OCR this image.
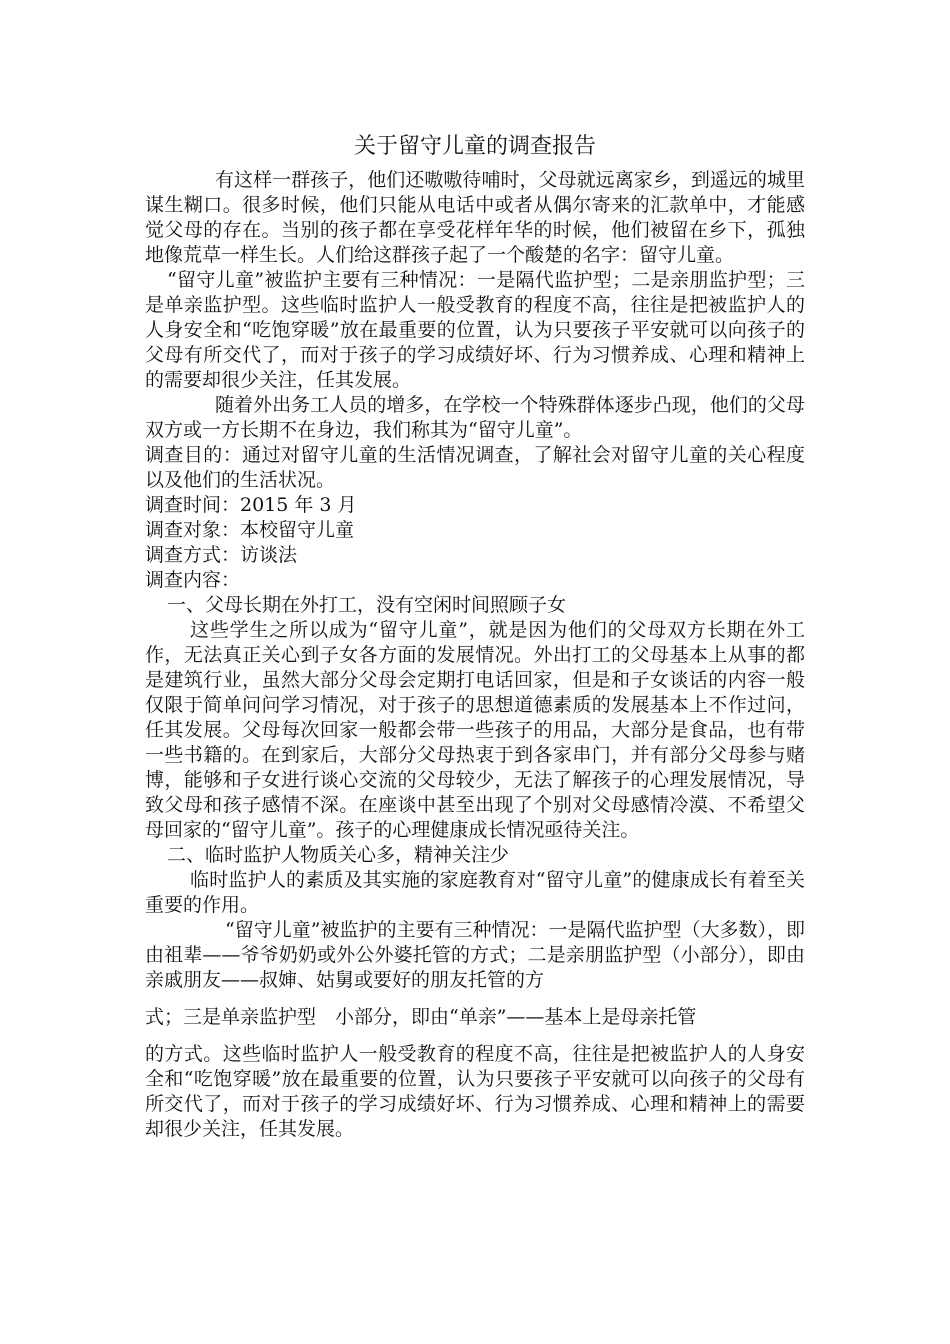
关于留守儿童的调查报告

有这样一群孩子，他们还嗷嗷待哺时，父母就远离家乡，到遥远的城里谋生糊口。很多时候，他们只能从电话中或者从偶尔寄来的汇款单中，才能感觉父母的存在。当别的孩子都在享受花样年华的时候，他们被留在乡下，孤独地像荒草一样生长。人们给这群孩子起了一个酸楚的名字：留守儿童。

“留守儿童”被监护主要有三种情况：一是隔代监护型；二是亲朋监护型；三是单亲监护型。这些临时监护人一般受教育的程度不高，往往是把被监护人的人身安全和“吃饱穿暖”放在最重要的位置，认为只要孩子平安就可以向孩子的父母有所交代了，而对于孩子的学习成绩好坏、行为习惯养成、心理和精神上的需要却很少关注，任其发展。

随着外出务工人员的增多，在学校一个特殊群体逐步凸现，他们的父母双方或一方长期不在身边，我们称其为“留守儿童”。

调查目的：通过对留守儿童的生活情况调查，了解社会对留守儿童的关心程度以及他们的生活状况。

调查时间：2015 年 3 月

调查对象：本校留守儿童

调查方式：访谈法

调查内容：

一、父母长期在外打工，没有空闲时间照顾子女

这些学生之所以成为“留守儿童”，就是因为他们的父母双方长期在外工作，无法真正关心到子女各方面的发展情况。外出打工的父母基本上从事的都是建筑行业，虽然大部分父母会定期打电话回家，但是和子女谈话的内容一般仅限于简单问问学习情况，对于孩子的思想道德素质的发展基本上不作过问，任其发展。父母每次回家一般都会带一些孩子的用品，大部分是食品，也有带一些书籍的。在到家后，大部分父母热衷于到各家串门，并有部分父母参与赌博，能够和子女进行谈心交流的父母较少，无法了解孩子的心理发展情况，导致父母和孩子感情不深。在座谈中甚至出现了个别对父母感情冷漠、不希望父母回家的“留守儿童”。孩子的心理健康成长情况亟待关注。

二、临时监护人物质关心多，精神关注少

临时监护人的素质及其实施的家庭教育对“留守儿童”的健康成长有着至关重要的作用。

“留守儿童”被监护的主要有三种情况：一是隔代监护型（大多数），即由祖辈——爷爷奶奶或外公外婆托管的方式；二是亲朋监护型（小部分），即由亲戚朋友——叔婶、姑舅或要好的朋友托管的方

式；三是单亲监护型　小部分，即由“单亲”——基本上是母亲托管

的方式。这些临时监护人一般受教育的程度不高，往往是把被监护人的人身安全和“吃饱穿暖”放在最重要的位置，认为只要孩子平安就可以向孩子的父母有所交代了，而对于孩子的学习成绩好坏、行为习惯养成、心理和精神上的需要却很少关注，任其发展。
